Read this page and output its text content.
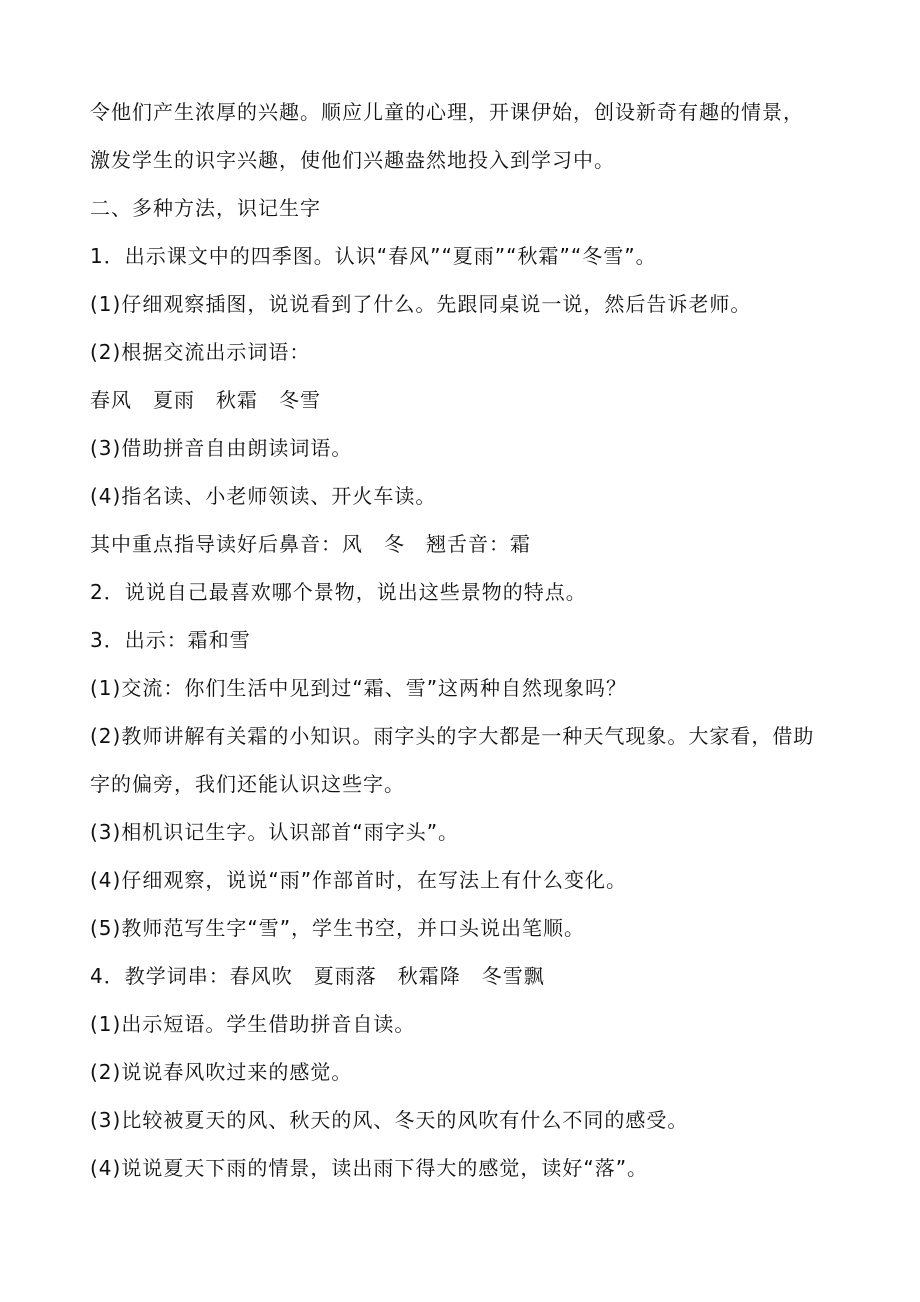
令他们产生浓厚的兴趣。顺应儿童的心理，开课伊始，创设新奇有趣的情景，
激发学生的识字兴趣，使他们兴趣盎然地投入到学习中。
二、多种方法，识记生字
1．出示课文中的四季图。认识“春风”“夏雨”“秋霜”“冬雪”。
(1)仔细观察插图，说说看到了什么。先跟同桌说一说，然后告诉老师。
(2)根据交流出示词语：
春风　夏雨　秋霜　冬雪
(3)借助拼音自由朗读词语。
(4)指名读、小老师领读、开火车读。
其中重点指导读好后鼻音：风　冬　翘舌音：霜
2．说说自己最喜欢哪个景物，说出这些景物的特点。
3．出示：霜和雪
(1)交流：你们生活中见到过“霜、雪”这两种自然现象吗？
(2)教师讲解有关霜的小知识。雨字头的字大都是一种天气现象。大家看，借助
字的偏旁，我们还能认识这些字。
(3)相机识记生字。认识部首“雨字头”。
(4)仔细观察，说说“雨”作部首时，在写法上有什么变化。
(5)教师范写生字“雪”，学生书空，并口头说出笔顺。
4．教学词串：春风吹　夏雨落　秋霜降　冬雪飘
(1)出示短语。学生借助拼音自读。
(2)说说春风吹过来的感觉。
(3)比较被夏天的风、秋天的风、冬天的风吹有什么不同的感受。
(4)说说夏天下雨的情景，读出雨下得大的感觉，读好“落”。
